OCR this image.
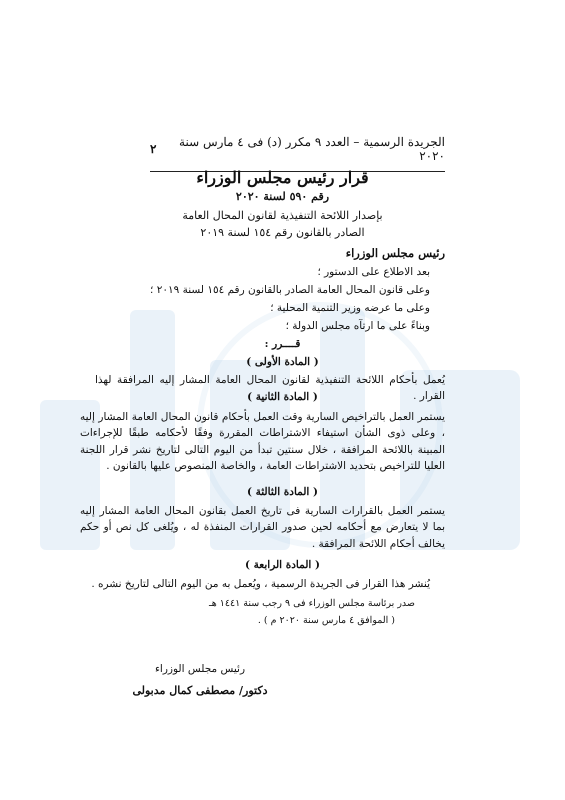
الجريدة الرسمية – العدد ٩ مكرر (د) فى ٤ مارس سنة ٢٠٢٠
٢
قرار رئيس مجلس الوزراء
رقم ٥٩٠ لسنة ٢٠٢٠
بإصدار اللائحة التنفيذية لقانون المحال العامة
الصادر بالقانون رقم ١٥٤ لسنة ٢٠١٩
رئيس مجلس الوزراء
بعد الاطلاع على الدستور ؛
وعلى قانون المحال العامة الصادر بالقانون رقم ١٥٤ لسنة ٢٠١٩ ؛
وعلى ما عرضه وزير التنمية المحلية ؛
وبناءً على ما ارتآه مجلس الدولة ؛
قــــرر :
( المادة الأولى )
يُعمل بأحكام اللائحة التنفيذية لقانون المحال العامة المشار إليه المرافقة لهذا القرار .
( المادة الثانية )
يستمر العمل بالتراخيص السارية وقت العمل بأحكام قانون المحال العامة المشار إليه ، وعلى ذوى الشأن استيفاء الاشتراطات المقررة وفقًا لأحكامه طبقًا للإجراءات المبينة باللائحة المرافقة ، خلال سنتين تبدأ من اليوم التالى لتاريخ نشر قرار اللجنة العليا للتراخيص بتحديد الاشتراطات العامة ، والخاصة المنصوص عليها بالقانون .
( المادة الثالثة )
يستمر العمل بالقرارات السارية فى تاريخ العمل بقانون المحال العامة المشار إليه بما لا يتعارض مع أحكامه لحين صدور القرارات المنفذة له ، ويُلغى كل نص أو حكم يخالف أحكام اللائحة المرافقة .
( المادة الرابعة )
يُنشر هذا القرار فى الجريدة الرسمية ، ويُعمل به من اليوم التالى لتاريخ نشره .
صدر برئاسة مجلس الوزراء فى ٩ رجب سنة ١٤٤١ هـ
( الموافق ٤ مارس سنة ٢٠٢٠ م ) .
رئيس مجلس الوزراء
دكتور/ مصطفى كمال مدبولى
